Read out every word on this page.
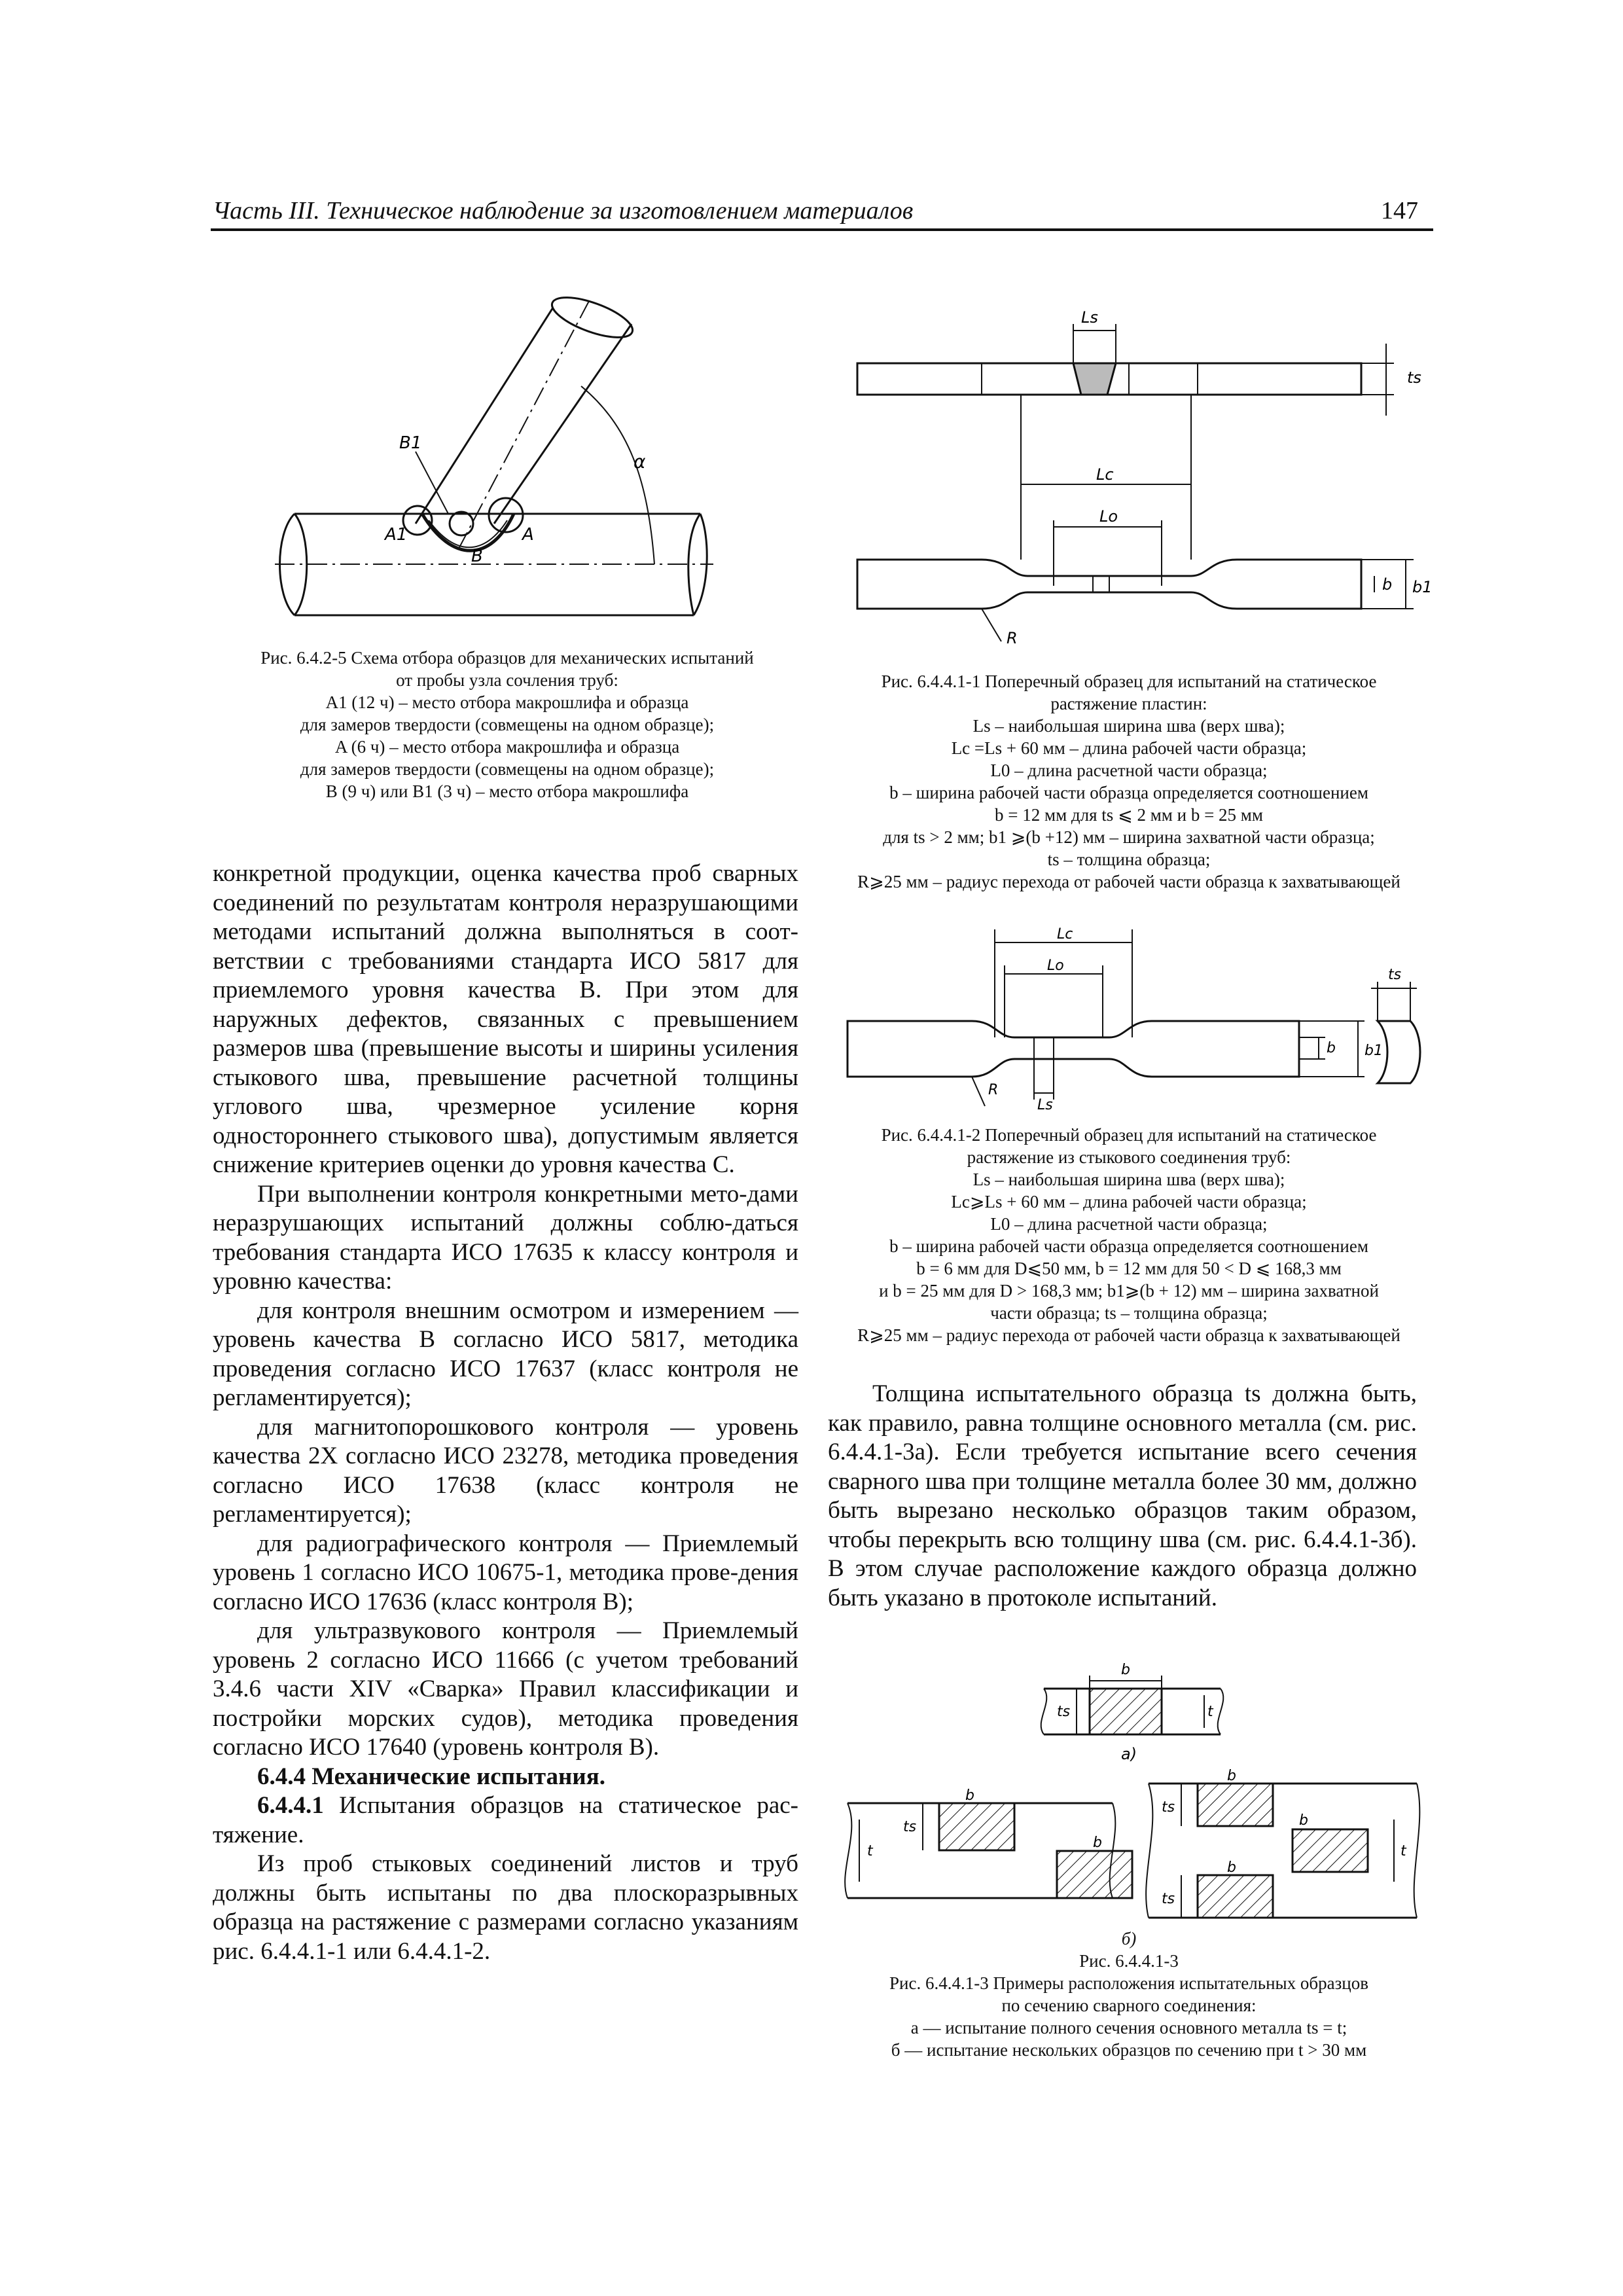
Часть III. Техническое наблюдение за изготовлением материалов	147
B1
A1	A
B
α

Рис. 6.4.2-5 Схема отбора образцов для механических испытаний

от пробы узла сочления труб:

A1 (12 ч) – место отбора макрошлифа и образца

для замеров твердости (совмещены на одном образце);

A (6 ч) – место отбора макрошлифа и образца

для замеров твердости (совмещены на одном образце);

B (9 ч) или B1 (3 ч) – место отбора макрошлифа

Ls
Lc
Lo
ts
b b1
R

Рис. 6.4.4.1-1 Поперечный образец для испытаний на статическое

растяжение пластин:

Ls – наибольшая ширина шва (верх шва);

Lc =Ls + 60 мм – длина рабочей части образца;

L0 – длина расчетной части образца;

b – ширина рабочей части образца определяется соотношением

b = 12 мм для ts ⩽ 2 мм и b = 25 мм

для ts > 2 мм; b1 ⩾(b +12) мм – ширина захватной части образца;

ts – толщина образца;

R⩾25 мм – радиус перехода от рабочей части образца к захватывающей

Lc
Lo
Ls
ts
b b1
R

Рис. 6.4.4.1-2 Поперечный образец для испытаний на статическое

растяжение из стыкового соединения труб:

Ls – наибольшая ширина шва (верх шва);

Lc⩾Ls + 60 мм – длина рабочей части образца;

L0 – длина расчетной части образца;

b – ширина рабочей части образца определяется соотношением

b = 6 мм для D⩽50 мм, b = 12 мм для 50 < D ⩽ 168,3 мм

и b = 25 мм для D > 168,3 мм; b1⩾(b + 12) мм – ширина захватной

части образца; ts – толщина образца;

R⩾25 мм – радиус перехода от рабочей части образца к захватывающей

Толщина испытательного образца ts должна быть, как правило, равна толщине основного металла (см. рис. 6.4.4.1-3а). Если требуется испытание всего сечения сварного шва при толщине металла более 30 мм, должно быть вырезано несколько образцов таким образом, чтобы перекрыть всю толщину шва (см. рис. 6.4.4.1-3б). В этом случае расположение каждого образца должно быть указано в протоколе испытаний.

b
ts	t
а)
b
ts
b
t
b
ts
b
b
ts
t

б)

Рис. 6.4.4.1-3

Рис. 6.4.4.1-3 Примеры расположения испытательных образцов

по сечению сварного соединения:

а — испытание полного сечения основного металла ts = t;

б — испытание нескольких образцов по сечению при t > 30 мм

конкретной продукции, оценка качества проб сварных соединений по результатам контроля неразрушающими методами испытаний должна выполняться в соот-ветствии с требованиями стандарта ИСО 5817 для приемлемого уровня качества B. При этом для наружных дефектов, связанных с превышением размеров шва (превышение высоты и ширины усиления стыкового шва, превышение расчетной толщины углового шва, чрезмерное усиление корня одностороннего стыкового шва), допустимым является снижение критериев оценки до уровня качества C.

При выполнении контроля конкретными мето-дами неразрушающих испытаний должны соблю-даться требования стандарта ИСО 17635 к классу контроля и уровню качества:

для контроля внешним осмотром и измерением — уровень качества B согласно ИСО 5817, методика проведения согласно ИСО 17637 (класс контроля не регламентируется);

для магнитопорошкового контроля — уровень качества 2X согласно ИСО 23278, методика проведения согласно ИСО 17638 (класс контроля не регламентируется);

для радиографического контроля — Приемлемый уровень 1 согласно ИСО 10675-1, методика прове-дения согласно ИСО 17636 (класс контроля B);

для ультразвукового контроля — Приемлемый уровень 2 согласно ИСО 11666 (с учетом требований 3.4.6 части XIV «Сварка» Правил классификации и постройки морских судов), методика проведения согласно ИСО 17640 (уровень контроля B).

6.4.4 Механические испытания.

6.4.4.1 Испытания образцов на статическое рас-тяжение.

Из проб стыковых соединений листов и труб должны быть испытаны по два плоскоразрывных образца на растяжение с размерами согласно указаниям рис. 6.4.4.1-1 или 6.4.4.1-2.
